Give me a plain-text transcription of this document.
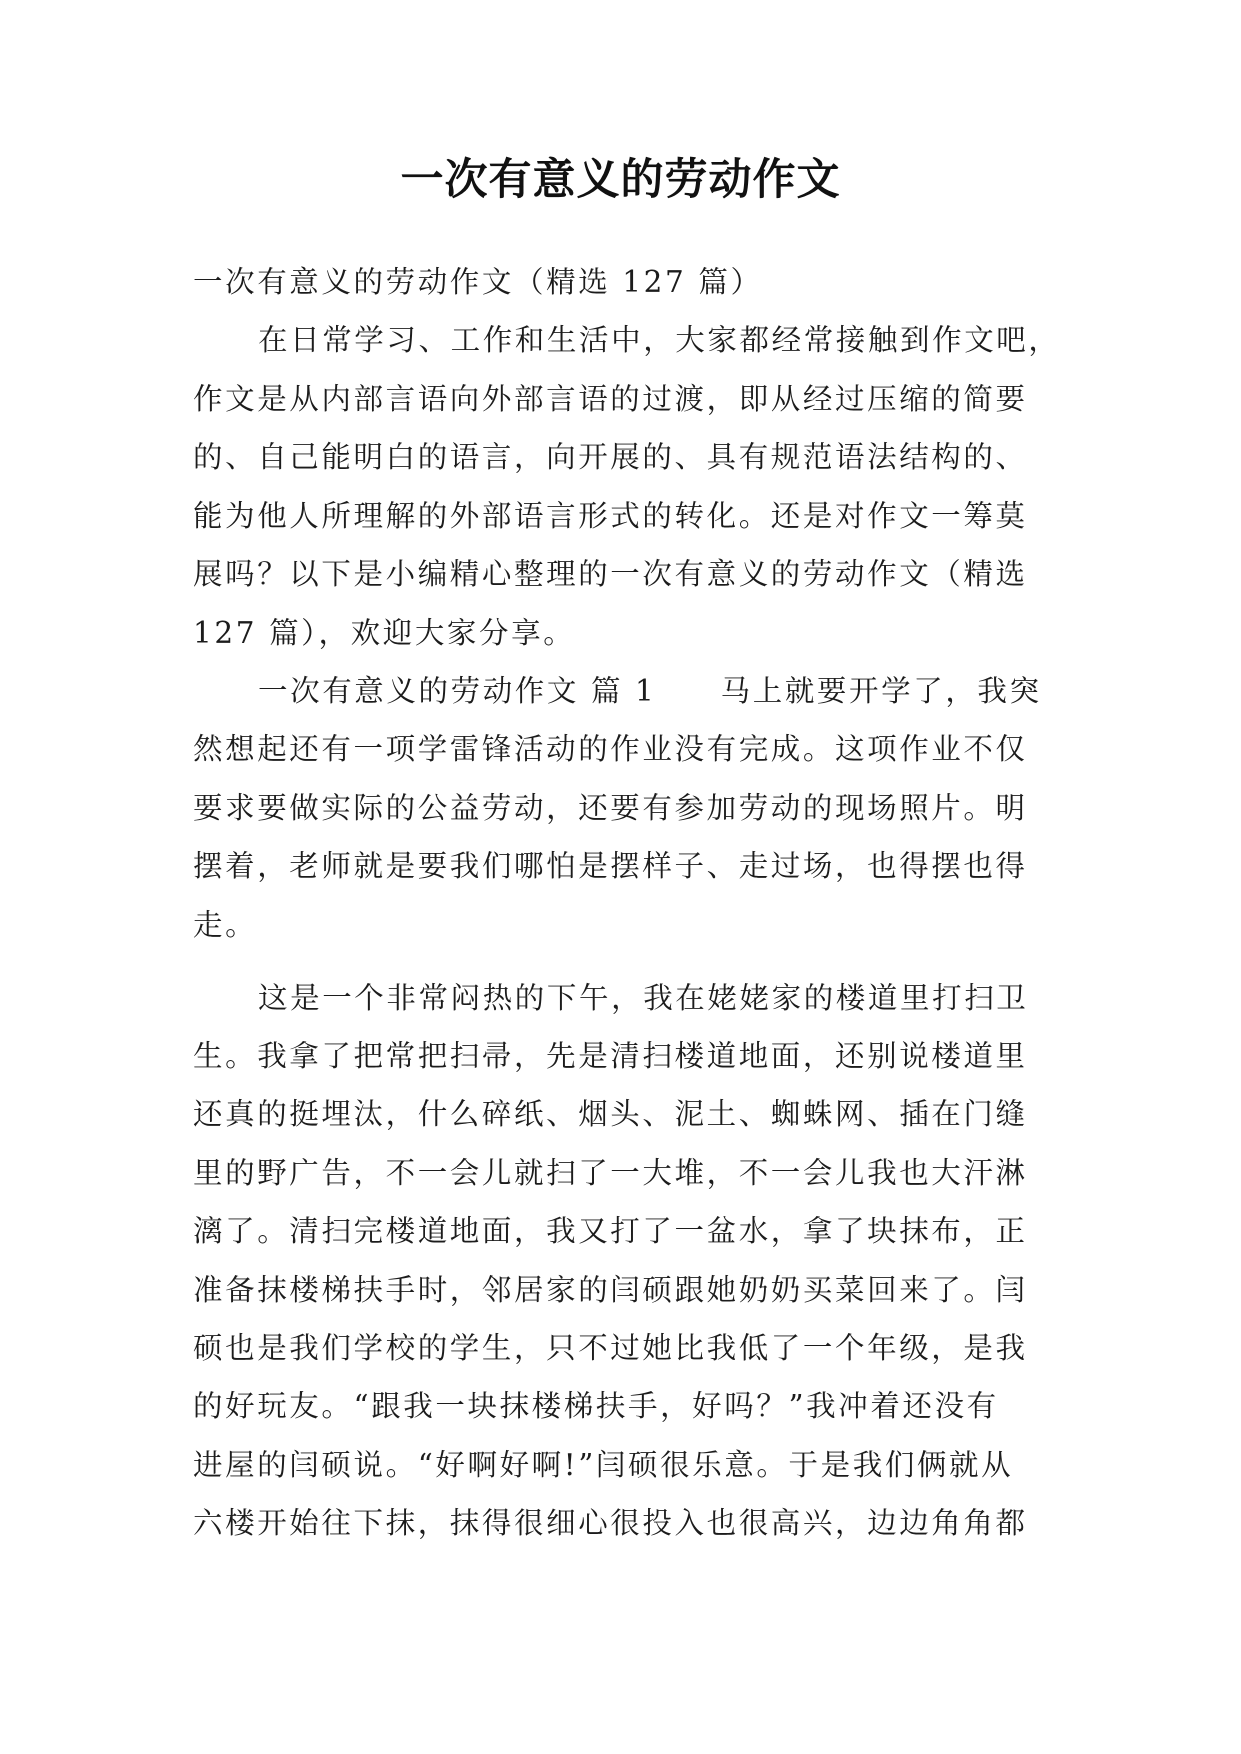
一次有意义的劳动作文
一次有意义的劳动作文（精选 127 篇）
在日常学习、工作和生活中，大家都经常接触到作文吧，
作文是从内部言语向外部言语的过渡，即从经过压缩的简要
的、自己能明白的语言，向开展的、具有规范语法结构的、
能为他人所理解的外部语言形式的转化。还是对作文一筹莫
展吗？以下是小编精心整理的一次有意义的劳动作文（精选
127 篇），欢迎大家分享。
一次有意义的劳动作文 篇 1　　马上就要开学了，我突
然想起还有一项学雷锋活动的作业没有完成。这项作业不仅
要求要做实际的公益劳动，还要有参加劳动的现场照片。明
摆着，老师就是要我们哪怕是摆样子、走过场，也得摆也得
走。
这是一个非常闷热的下午，我在姥姥家的楼道里打扫卫
生。我拿了把常把扫帚，先是清扫楼道地面，还别说楼道里
还真的挺埋汰，什么碎纸、烟头、泥土、蜘蛛网、插在门缝
里的野广告，不一会儿就扫了一大堆，不一会儿我也大汗淋
漓了。清扫完楼道地面，我又打了一盆水，拿了块抹布，正
准备抹楼梯扶手时，邻居家的闫硕跟她奶奶买菜回来了。闫
硕也是我们学校的学生，只不过她比我低了一个年级，是我
的好玩友。“跟我一块抹楼梯扶手，好吗？”我冲着还没有
进屋的闫硕说。“好啊好啊!”闫硕很乐意。于是我们俩就从
六楼开始往下抹，抹得很细心很投入也很高兴，边边角角都
